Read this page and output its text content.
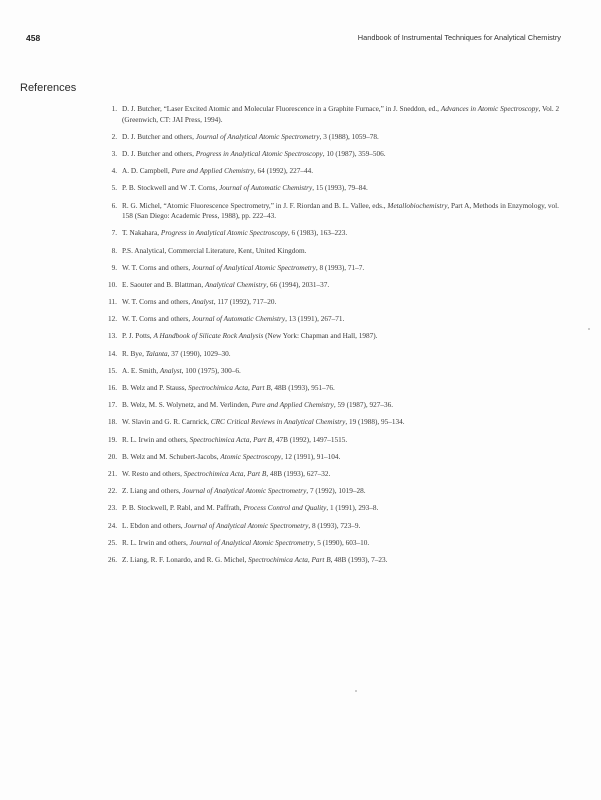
458	Handbook of Instrumental Techniques for Analytical Chemistry
References
1. D. J. Butcher, “Laser Excited Atomic and Molecular Fluorescence in a Graphite Furnace,” in J. Sneddon, ed., Advances in Atomic Spectroscopy, Vol. 2 (Greenwich, CT: JAI Press, 1994).
2. D. J. Butcher and others, Journal of Analytical Atomic Spectrometry, 3 (1988), 1059–78.
3. D. J. Butcher and others, Progress in Analytical Atomic Spectroscopy, 10 (1987), 359–506.
4. A. D. Campbell, Pure and Applied Chemistry, 64 (1992), 227–44.
5. P. B. Stockwell and W .T. Corns, Journal of Automatic Chemistry, 15 (1993), 79–84.
6. R. G. Michel, “Atomic Fluorescence Spectrometry,” in J. F. Riordan and B. L. Vallee, eds., Metallobiochemistry, Part A, Methods in Enzymology, vol. 158 (San Diego: Academic Press, 1988), pp. 222–43.
7. T. Nakahara, Progress in Analytical Atomic Spectroscopy, 6 (1983), 163–223.
8. P.S. Analytical, Commercial Literature, Kent, United Kingdom.
9. W. T. Corns and others, Journal of Analytical Atomic Spectrometry, 8 (1993), 71–7.
10. E. Saouter and B. Blattman, Analytical Chemistry, 66 (1994), 2031–37.
11. W. T. Corns and others, Analyst, 117 (1992), 717–20.
12. W. T. Corns and others, Journal of Automatic Chemistry, 13 (1991), 267–71.
13. P. J. Potts, A Handbook of Silicate Rock Analysis (New York: Chapman and Hall, 1987).
14. R. Bye, Talanta, 37 (1990), 1029–30.
15. A. E. Smith, Analyst, 100 (1975), 300–6.
16. B. Welz and P. Stauss, Spectrochimica Acta, Part B, 48B (1993), 951–76.
17. B. Welz, M. S. Wolynetz, and M. Verlinden, Pure and Applied Chemistry, 59 (1987), 927–36.
18. W. Slavin and G. R. Carnrick, CRC Critical Reviews in Analytical Chemistry, 19 (1988), 95–134.
19. R. L. Irwin and others, Spectrochimica Acta, Part B, 47B (1992), 1497–1515.
20. B. Welz and M. Schubert-Jacobs, Atomic Spectroscopy, 12 (1991), 91–104.
21. W. Resto and others, Spectrochimica Acta, Part B, 48B (1993), 627–32.
22. Z. Liang and others, Journal of Analytical Atomic Spectrometry, 7 (1992), 1019–28.
23. P. B. Stockwell, P. Rabl, and M. Paffrath, Process Control and Quality, 1 (1991), 293–8.
24. L. Ebdon and others, Journal of Analytical Atomic Spectrometry, 8 (1993), 723–9.
25. R. L. Irwin and others, Journal of Analytical Atomic Spectrometry, 5 (1990), 603–10.
26. Z. Liang, R. F. Lonardo, and R. G. Michel, Spectrochimica Acta, Part B, 48B (1993), 7–23.
